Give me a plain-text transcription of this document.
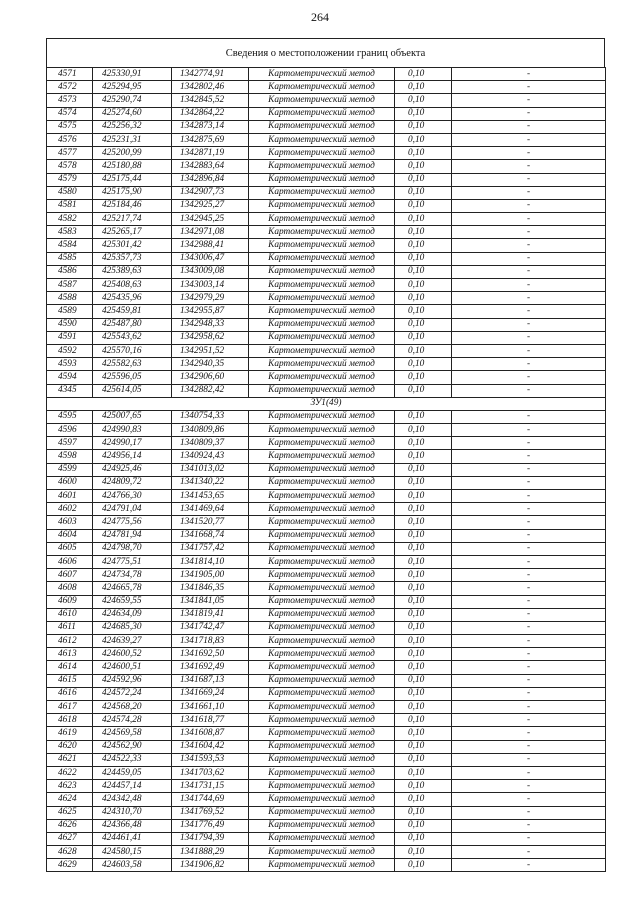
264
Сведения о местоположении границ объекта
4571	425330,91	1342774,91	Картометрический метод	0,10	-
4572	425294,95	1342802,46	Картометрический метод	0,10	-
4573	425290,74	1342845,52	Картометрический метод	0,10	-
4574	425274,60	1342864,22	Картометрический метод	0,10	-
4575	425256,32	1342873,14	Картометрический метод	0,10	-
4576	425231,31	1342875,69	Картометрический метод	0,10	-
4577	425200,99	1342871,19	Картометрический метод	0,10	-
4578	425180,88	1342883,64	Картометрический метод	0,10	-
4579	425175,44	1342896,84	Картометрический метод	0,10	-
4580	425175,90	1342907,73	Картометрический метод	0,10	-
4581	425184,46	1342925,27	Картометрический метод	0,10	-
4582	425217,74	1342945,25	Картометрический метод	0,10	-
4583	425265,17	1342971,08	Картометрический метод	0,10	-
4584	425301,42	1342988,41	Картометрический метод	0,10	-
4585	425357,73	1343006,47	Картометрический метод	0,10	-
4586	425389,63	1343009,08	Картометрический метод	0,10	-
4587	425408,63	1343003,14	Картометрический метод	0,10	-
4588	425435,96	1342979,29	Картометрический метод	0,10	-
4589	425459,81	1342955,87	Картометрический метод	0,10	-
4590	425487,80	1342948,33	Картометрический метод	0,10	-
4591	425543,62	1342958,62	Картометрический метод	0,10	-
4592	425570,16	1342951,52	Картометрический метод	0,10	-
4593	425582,63	1342940,35	Картометрический метод	0,10	-
4594	425596,05	1342906,60	Картометрический метод	0,10	-
4345	425614,05	1342882,42	Картометрический метод	0,10	-
ЗУ1(49)					
4595	425007,65	1340754,33	Картометрический метод	0,10	-
4596	424990,83	1340809,86	Картометрический метод	0,10	-
4597	424990,17	1340809,37	Картометрический метод	0,10	-
4598	424956,14	1340924,43	Картометрический метод	0,10	-
4599	424925,46	1341013,02	Картометрический метод	0,10	-
4600	424809,72	1341340,22	Картометрический метод	0,10	-
4601	424766,30	1341453,65	Картометрический метод	0,10	-
4602	424791,04	1341469,64	Картометрический метод	0,10	-
4603	424775,56	1341520,77	Картометрический метод	0,10	-
4604	424781,94	1341668,74	Картометрический метод	0,10	-
4605	424798,70	1341757,42	Картометрический метод	0,10	-
4606	424775,51	1341814,10	Картометрический метод	0,10	-
4607	424734,78	1341905,00	Картометрический метод	0,10	-
4608	424665,78	1341846,35	Картометрический метод	0,10	-
4609	424659,55	1341841,05	Картометрический метод	0,10	-
4610	424634,09	1341819,41	Картометрический метод	0,10	-
4611	424685,30	1341742,47	Картометрический метод	0,10	-
4612	424639,27	1341718,83	Картометрический метод	0,10	-
4613	424600,52	1341692,50	Картометрический метод	0,10	-
4614	424600,51	1341692,49	Картометрический метод	0,10	-
4615	424592,96	1341687,13	Картометрический метод	0,10	-
4616	424572,24	1341669,24	Картометрический метод	0,10	-
4617	424568,20	1341661,10	Картометрический метод	0,10	-
4618	424574,28	1341618,77	Картометрический метод	0,10	-
4619	424569,58	1341608,87	Картометрический метод	0,10	-
4620	424562,90	1341604,42	Картометрический метод	0,10	-
4621	424522,33	1341593,53	Картометрический метод	0,10	-
4622	424459,05	1341703,62	Картометрический метод	0,10	-
4623	424457,14	1341731,15	Картометрический метод	0,10	-
4624	424342,48	1341744,69	Картометрический метод	0,10	-
4625	424310,70	1341769,52	Картометрический метод	0,10	-
4626	424366,48	1341776,49	Картометрический метод	0,10	-
4627	424461,41	1341794,39	Картометрический метод	0,10	-
4628	424580,15	1341888,29	Картометрический метод	0,10	-
4629	424603,58	1341906,82	Картометрический метод	0,10	-
